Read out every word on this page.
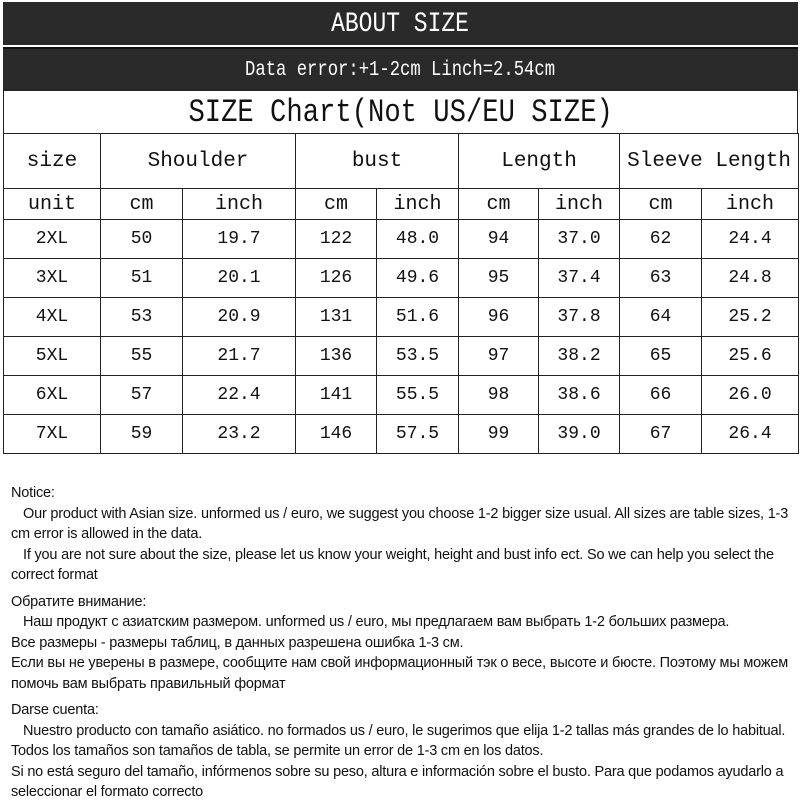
ABOUT SIZE
Data error:+1-2cm Linch=2.54cm
SIZE Chart(Not US/EU SIZE)
size	Shoulder		bust		Length		Sleeve Length	
unit	cm	inch	cm	inch	cm	inch	cm	inch
2XL	50	19.7	122	48.0	94	37.0	62	24.4
3XL	51	20.1	126	49.6	95	37.4	63	24.8
4XL	53	20.9	131	51.6	96	37.8	64	25.2
5XL	55	21.7	136	53.5	97	38.2	65	25.6
6XL	57	22.4	141	55.5	98	38.6	66	26.0
7XL	59	23.2	146	57.5	99	39.0	67	26.4

Notice:

Our product with Asian size. unformed us / euro, we suggest you choose 1-2 bigger size usual. All sizes are table sizes, 1-3 cm error is allowed in the data.

If you are not sure about the size, please let us know your weight, height and bust info ect. So we can help you select the correct format

Обратите внимание:

Наш продукт с азиатским размером. unformed us / euro, мы предлагаем вам выбрать 1-2 больших размера.

Все размеры - размеры таблиц, в данных разрешена ошибка 1-3 см.

Если вы не уверены в размере, сообщите нам свой информационный тэк о весе, высоте и бюсте. Поэтому мы можем помочь вам выбрать правильный формат

Darse cuenta:

Nuestro producto con tamaño asiático. no formados us / euro, le sugerimos que elija 1-2 tallas más grandes de lo habitual. Todos los tamaños son tamaños de tabla, se permite un error de 1-3 cm en los datos.

Si no está seguro del tamaño, infórmenos sobre su peso, altura e información sobre el busto. Para que podamos ayudarlo a seleccionar el formato correcto
